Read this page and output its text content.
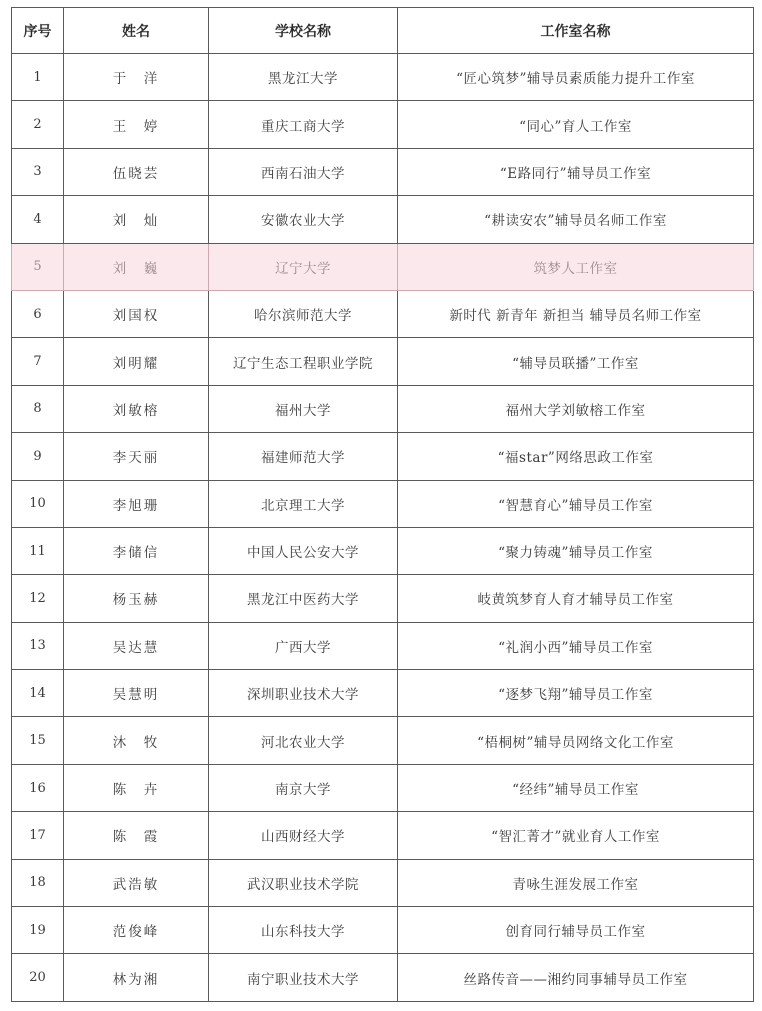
序号	姓名	学校名称	工作室名称
1	于　洋	黑龙江大学	“匠心筑梦”辅导员素质能力提升工作室
2	王　婷	重庆工商大学	“同心”育人工作室
3	伍晓芸	西南石油大学	“E路同行”辅导员工作室
4	刘　灿	安徽农业大学	“耕读安农”辅导员名师工作室
5	刘　巍	辽宁大学	筑梦人工作室
6	刘国权	哈尔滨师范大学	新时代 新青年 新担当 辅导员名师工作室
7	刘明耀	辽宁生态工程职业学院	“辅导员联播”工作室
8	刘敏榕	福州大学	福州大学刘敏榕工作室
9	李天丽	福建师范大学	“福star”网络思政工作室
10	李旭珊	北京理工大学	“智慧育心”辅导员工作室
11	李储信	中国人民公安大学	“聚力铸魂”辅导员工作室
12	杨玉赫	黑龙江中医药大学	岐黄筑梦育人育才辅导员工作室
13	吴达慧	广西大学	“礼润小西”辅导员工作室
14	吴慧明	深圳职业技术大学	“逐梦飞翔”辅导员工作室
15	沐　牧	河北农业大学	“梧桐树”辅导员网络文化工作室
16	陈　卉	南京大学	“经纬”辅导员工作室
17	陈　霞	山西财经大学	“智汇菁才”就业育人工作室
18	武浩敏	武汉职业技术学院	青咏生涯发展工作室
19	范俊峰	山东科技大学	创育同行辅导员工作室
20	林为湘	南宁职业技术大学	丝路传音——湘约同事辅导员工作室
